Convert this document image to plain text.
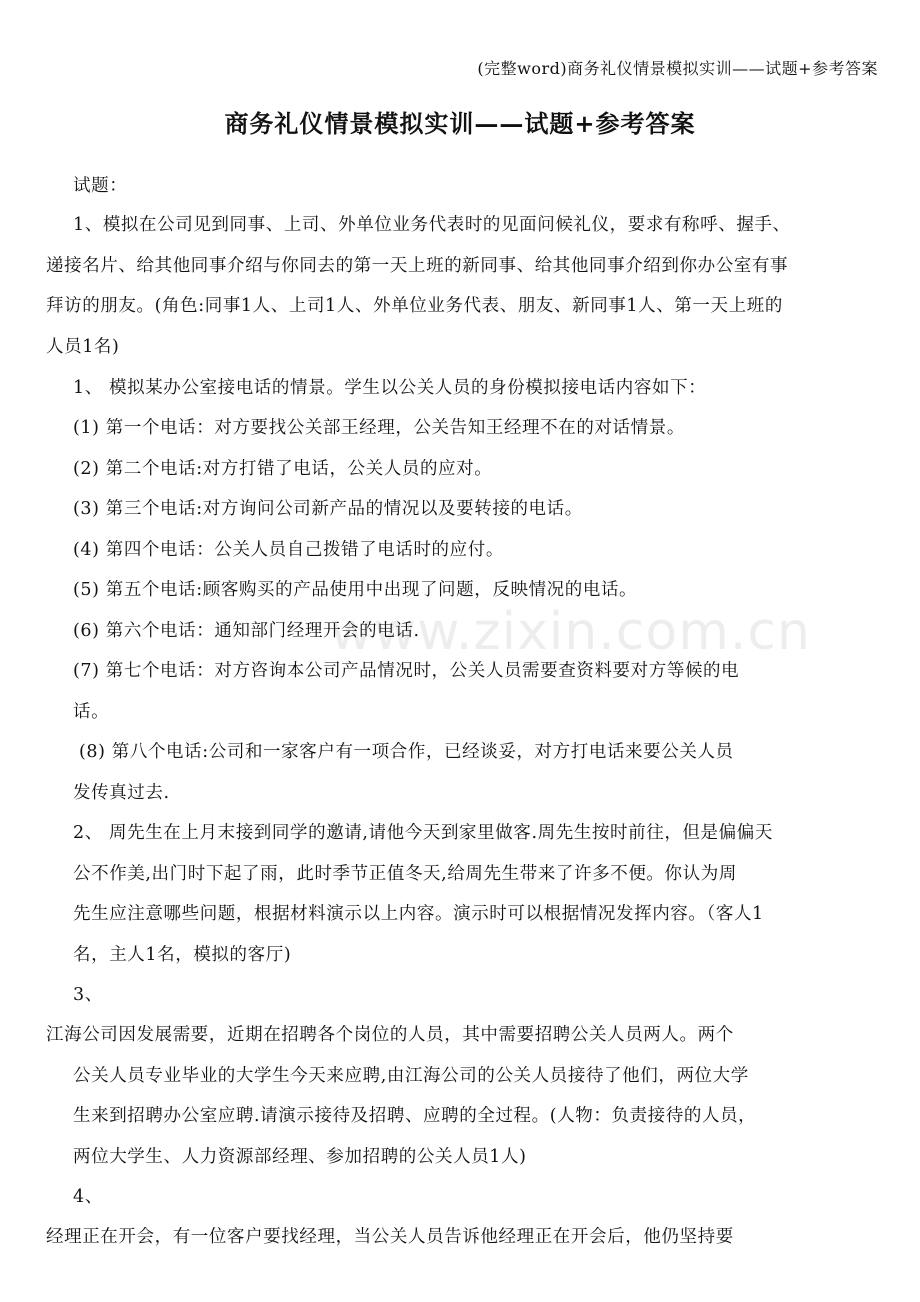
(完整word)商务礼仪情景模拟实训——试题+参考答案
商务礼仪情景模拟实训——试题+参考答案
www.zixin.com.cn
试题：
1、模拟在公司见到同事、上司、外单位业务代表时的见面问候礼仪，要求有称呼、握手、
递接名片、给其他同事介绍与你同去的第一天上班的新同事、给其他同事介绍到你办公室有事
拜访的朋友。(角色:同事1人、上司1人、外单位业务代表、朋友、新同事1人、第一天上班的
人员1名)
1、 模拟某办公室接电话的情景。学生以公关人员的身份模拟接电话内容如下：
(1) 第一个电话：对方要找公关部王经理，公关告知王经理不在的对话情景。
(2) 第二个电话:对方打错了电话，公关人员的应对。
(3) 第三个电话:对方询问公司新产品的情况以及要转接的电话。
(4) 第四个电话：公关人员自己拨错了电话时的应付。
(5) 第五个电话:顾客购买的产品使用中出现了问题，反映情况的电话。
(6) 第六个电话：通知部门经理开会的电话.
(7) 第七个电话：对方咨询本公司产品情况时，公关人员需要查资料要对方等候的电
话。
(8) 第八个电话:公司和一家客户有一项合作，已经谈妥，对方打电话来要公关人员
发传真过去.
2、 周先生在上月末接到同学的邀请,请他今天到家里做客.周先生按时前往，但是偏偏天
公不作美,出门时下起了雨，此时季节正值冬天,给周先生带来了许多不便。你认为周
先生应注意哪些问题，根据材料演示以上内容。演示时可以根据情况发挥内容。（客人1
名，主人1名，模拟的客厅)
3、
江海公司因发展需要，近期在招聘各个岗位的人员，其中需要招聘公关人员两人。两个
公关人员专业毕业的大学生今天来应聘,由江海公司的公关人员接待了他们，两位大学
生来到招聘办公室应聘.请演示接待及招聘、应聘的全过程。(人物：负责接待的人员，
两位大学生、人力资源部经理、参加招聘的公关人员1人)
4、
经理正在开会，有一位客户要找经理，当公关人员告诉他经理正在开会后，他仍坚持要
